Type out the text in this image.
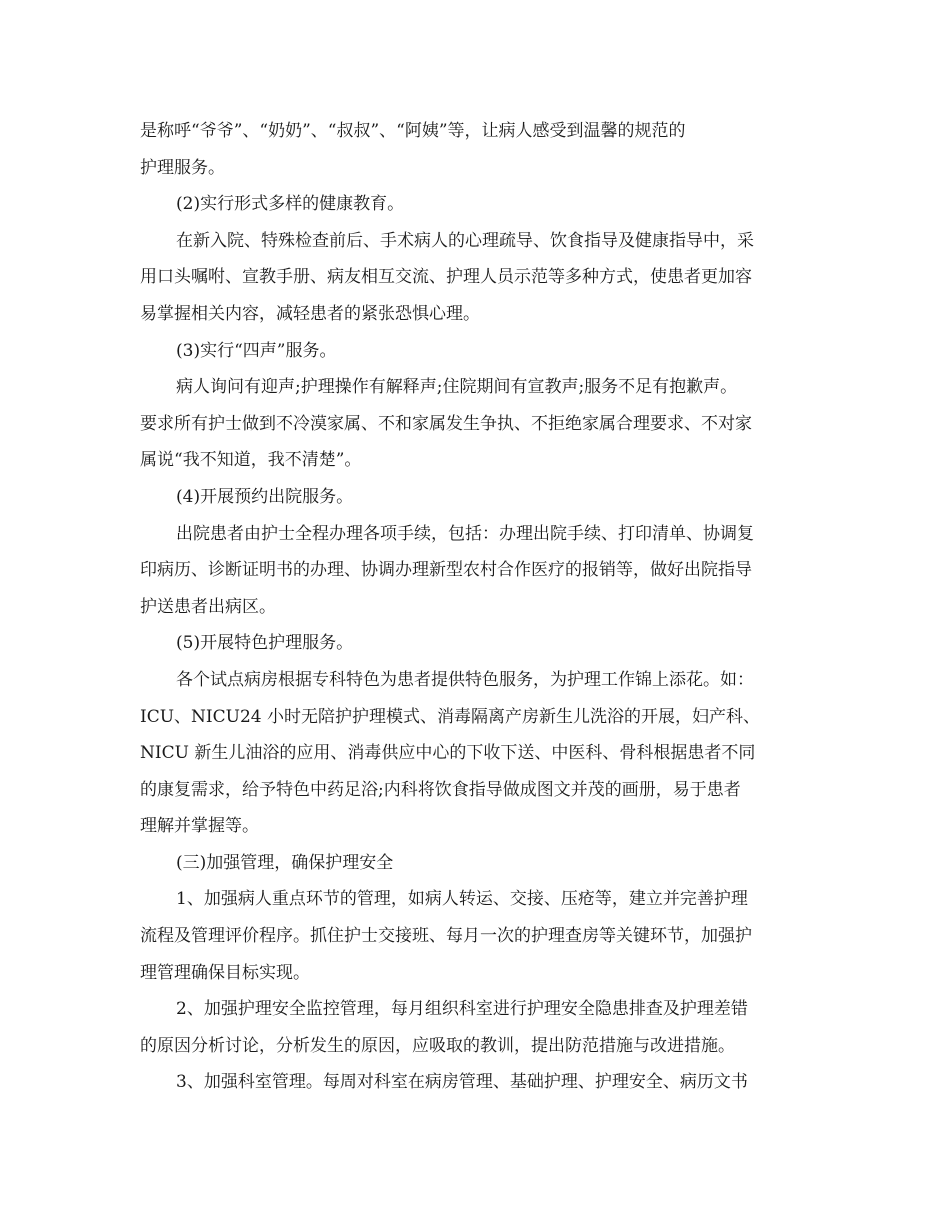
是称呼“爷爷”、“奶奶”、“叔叔”、“阿姨”等，让病人感受到温馨的规范的
护理服务。
(2)实行形式多样的健康教育。
在新入院、特殊检查前后、手术病人的心理疏导、饮食指导及健康指导中，采
用口头嘱咐、宣教手册、病友相互交流、护理人员示范等多种方式，使患者更加容
易掌握相关内容，减轻患者的紧张恐惧心理。
(3)实行“四声”服务。
病人询问有迎声;护理操作有解释声;住院期间有宣教声;服务不足有抱歉声。
要求所有护士做到不冷漠家属、不和家属发生争执、不拒绝家属合理要求、不对家
属说“我不知道，我不清楚”。
(4)开展预约出院服务。
出院患者由护士全程办理各项手续，包括：办理出院手续、打印清单、协调复
印病历、诊断证明书的办理、协调办理新型农村合作医疗的报销等，做好出院指导
护送患者出病区。
(5)开展特色护理服务。
各个试点病房根据专科特色为患者提供特色服务，为护理工作锦上添花。如：
ICU、NICU24 小时无陪护护理模式、消毒隔离产房新生儿洗浴的开展，妇产科、
NICU 新生儿油浴的应用、消毒供应中心的下收下送、中医科、骨科根据患者不同
的康复需求，给予特色中药足浴;内科将饮食指导做成图文并茂的画册，易于患者
理解并掌握等。
(三)加强管理，确保护理安全
1、加强病人重点环节的管理，如病人转运、交接、压疮等，建立并完善护理
流程及管理评价程序。抓住护士交接班、每月一次的护理查房等关键环节，加强护
理管理确保目标实现。
2、加强护理安全监控管理，每月组织科室进行护理安全隐患排查及护理差错
的原因分析讨论，分析发生的原因，应吸取的教训，提出防范措施与改进措施。
3、加强科室管理。每周对科室在病房管理、基础护理、护理安全、病历文书
